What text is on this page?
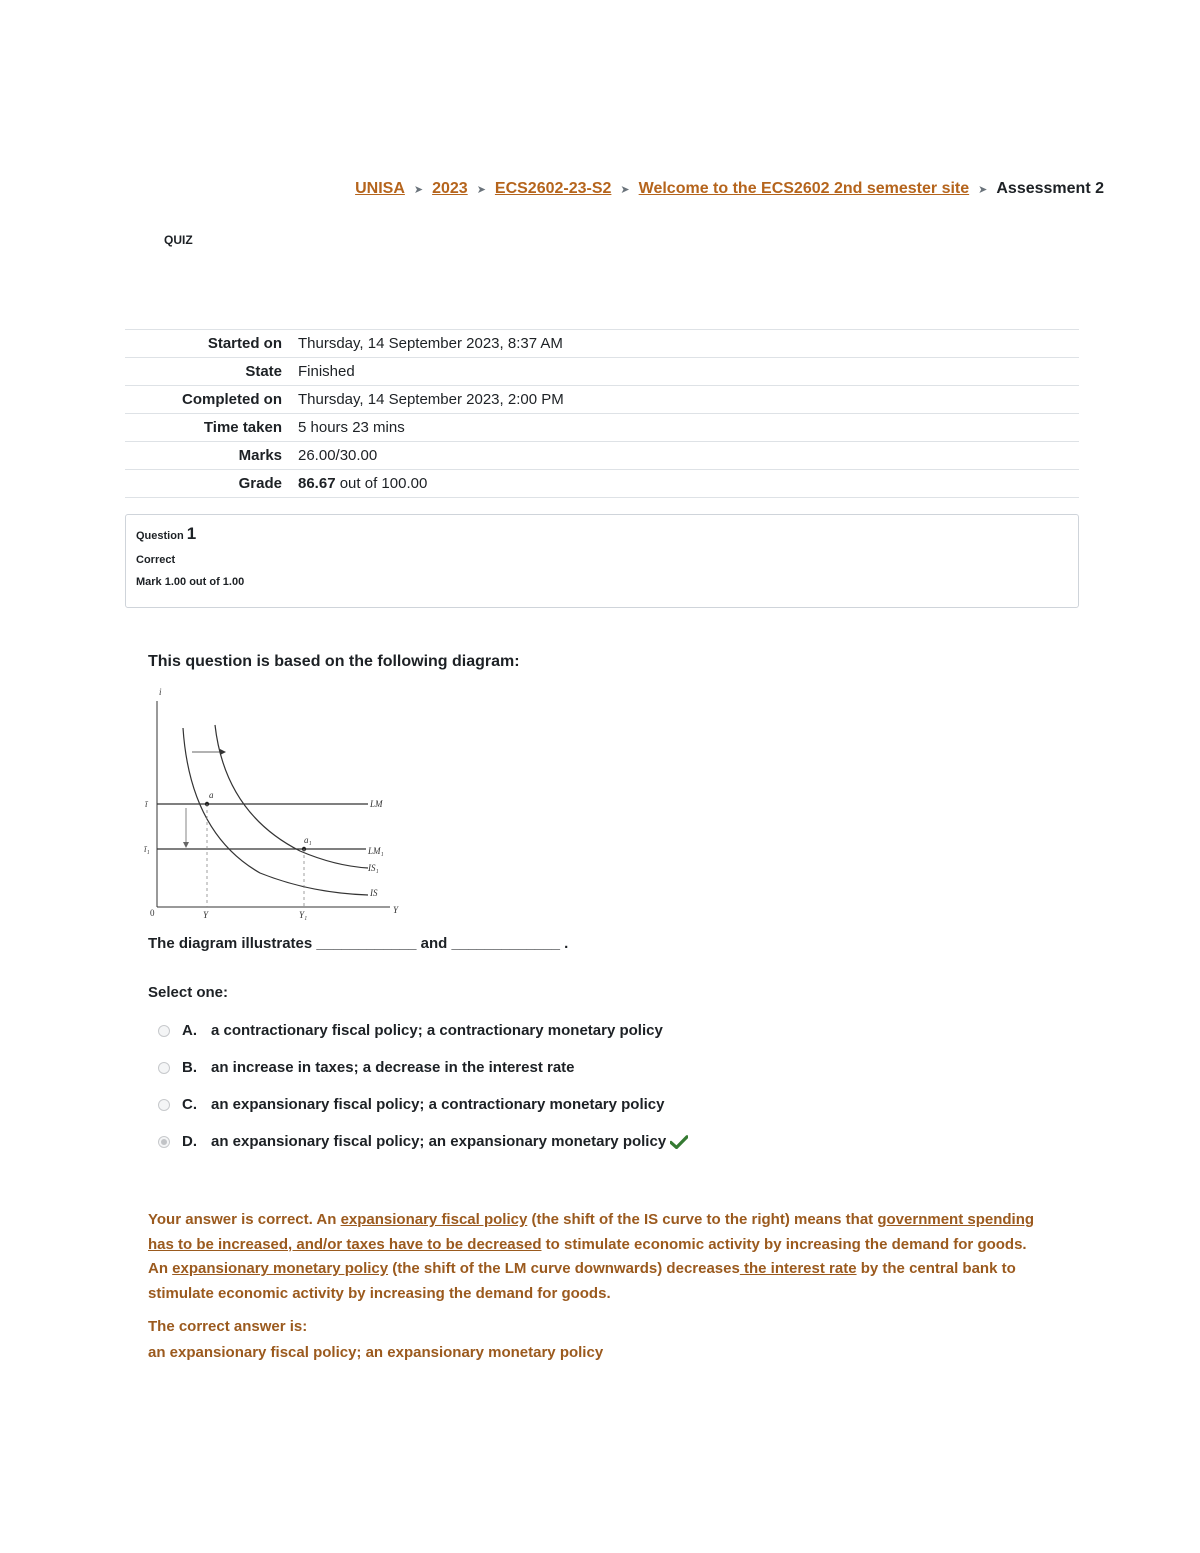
UNISA ➤ 2023 ➤ ECS2602-23-S2 ➤ Welcome to the ECS2602 2nd semester site ➤ Assessment 2
QUIZ
Started on	Thursday, 14 September 2023, 8:37 AM
State	Finished
Completed on	Thursday, 14 September 2023, 2:00 PM
Time taken	5 hours 23 mins
Marks	26.00/30.00
Grade	86.67 out of 100.00
Question 1
Correct
Mark 1.00 out of 1.00
This question is based on the following diagram:
i
Y
0
ī
ī₁
LM
LM₁
IS
IS₁
a
a₁
Y	Y₁
The diagram illustrates ____________ and _____________ .
Select one:
A. a contractionary fiscal policy; a contractionary monetary policy
B. an increase in taxes; a decrease in the interest rate
C. an expansionary fiscal policy; a contractionary monetary policy
D. an expansionary fiscal policy; an expansionary monetary policy
Your answer is correct. An expansionary fiscal policy (the shift of the IS curve to the right) means that government spending has to be increased, and/or taxes have to be decreased to stimulate economic activity by increasing the demand for goods. An expansionary monetary policy (the shift of the LM curve downwards) decreases the interest rate by the central bank to stimulate economic activity by increasing the demand for goods.
The correct answer is:
an expansionary fiscal policy; an expansionary monetary policy
